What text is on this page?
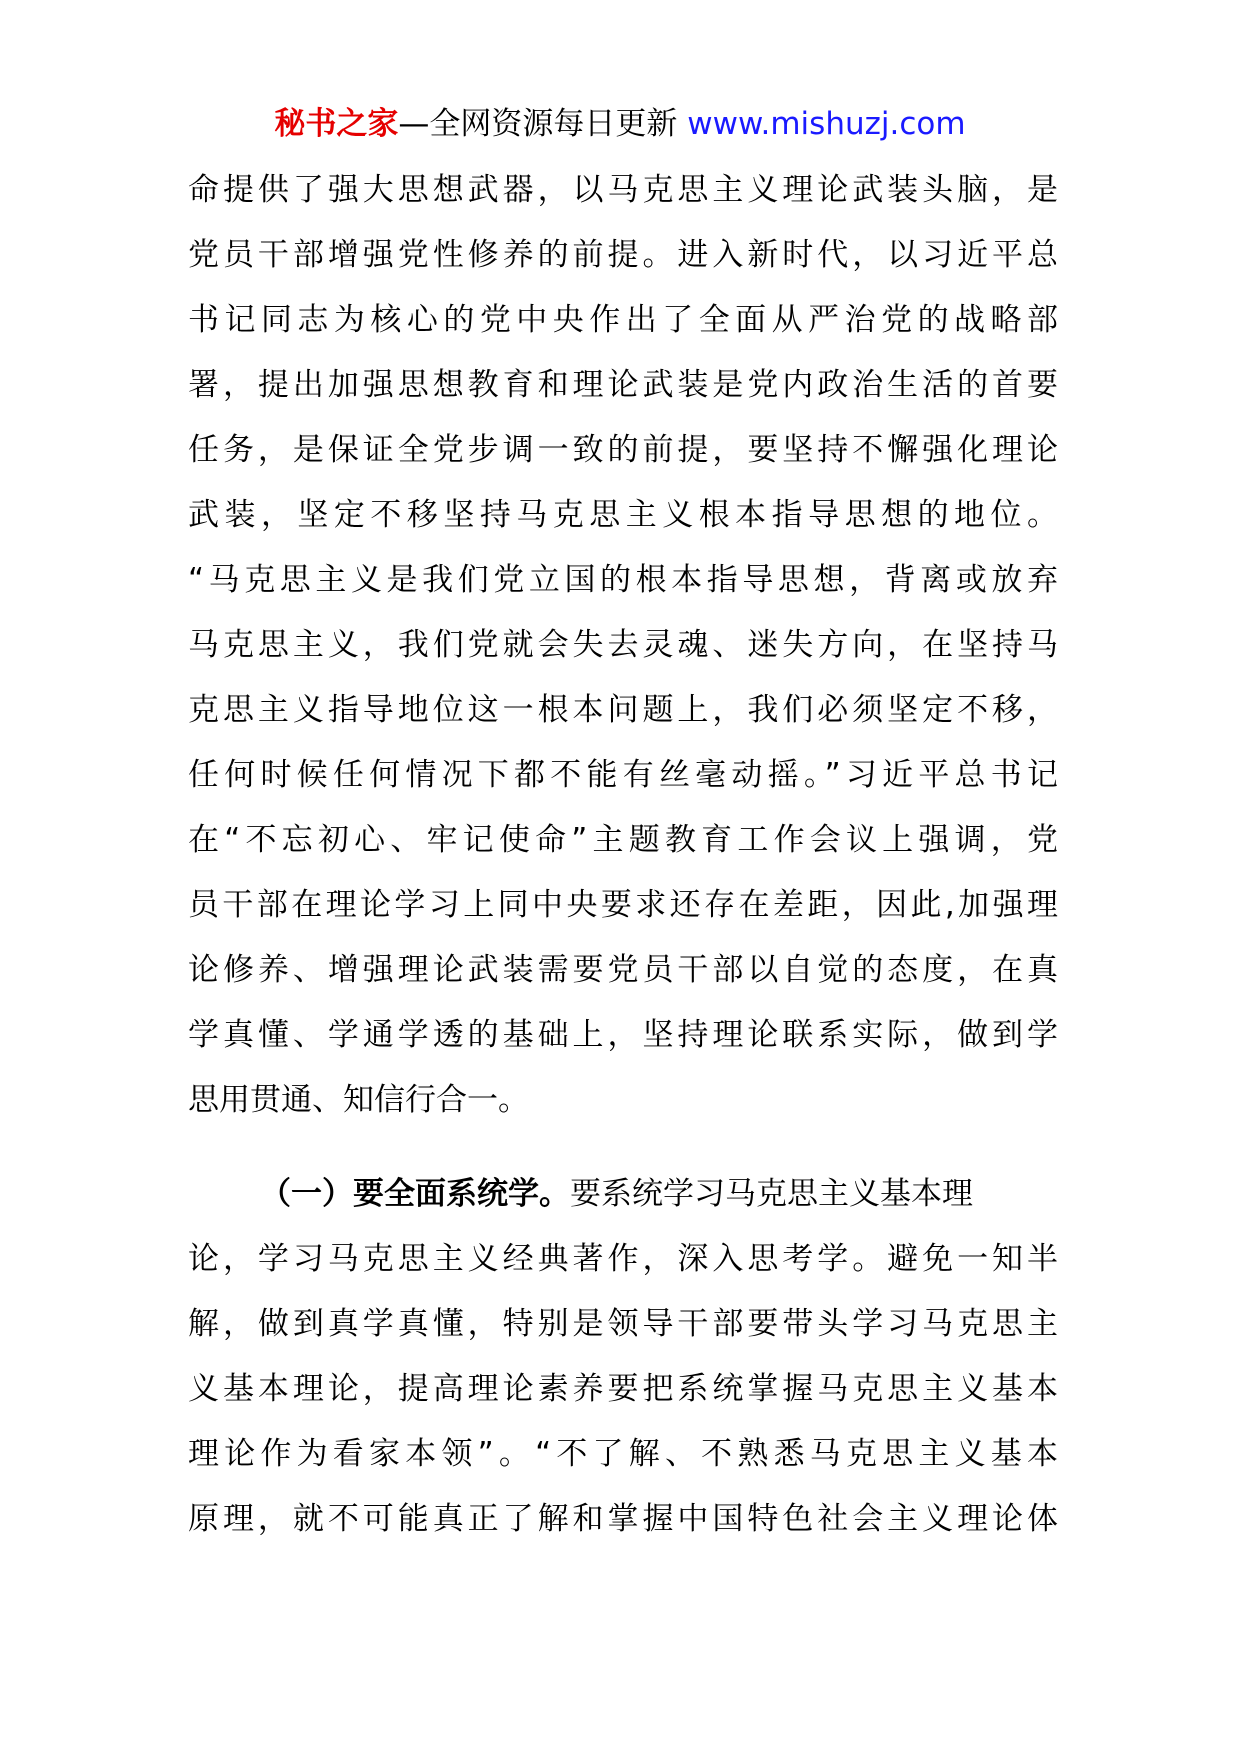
秘书之家—全网资源每日更新 www.mishuzj.com
命提供了强大思想武器，以马克思主义理论武装头脑，是
党员干部增强党性修养的前提。进入新时代，以习近平总
书记同志为核心的党中央作出了全面从严治党的战略部
署，提出加强思想教育和理论武装是党内政治生活的首要
任务，是保证全党步调一致的前提，要坚持不懈强化理论
武装，坚定不移坚持马克思主义根本指导思想的地位。
“马克思主义是我们党立国的根本指导思想，背离或放弃
马克思主义，我们党就会失去灵魂、迷失方向，在坚持马
克思主义指导地位这一根本问题上，我们必须坚定不移，
任何时候任何情况下都不能有丝毫动摇。”习近平总书记
在“不忘初心、牢记使命”主题教育工作会议上强调，党
员干部在理论学习上同中央要求还存在差距，因此,加强理
论修养、增强理论武装需要党员干部以自觉的态度，在真
学真懂、学通学透的基础上，坚持理论联系实际，做到学
思用贯通、知信行合一。
（一）要全面系统学。要系统学习马克思主义基本理
论，学习马克思主义经典著作，深入思考学。避免一知半
解，做到真学真懂，特别是领导干部要带头学习马克思主
义基本理论，提高理论素养要把系统掌握马克思主义基本
理论作为看家本领”。“不了解、不熟悉马克思主义基本
原理，就不可能真正了解和掌握中国特色社会主义理论体
